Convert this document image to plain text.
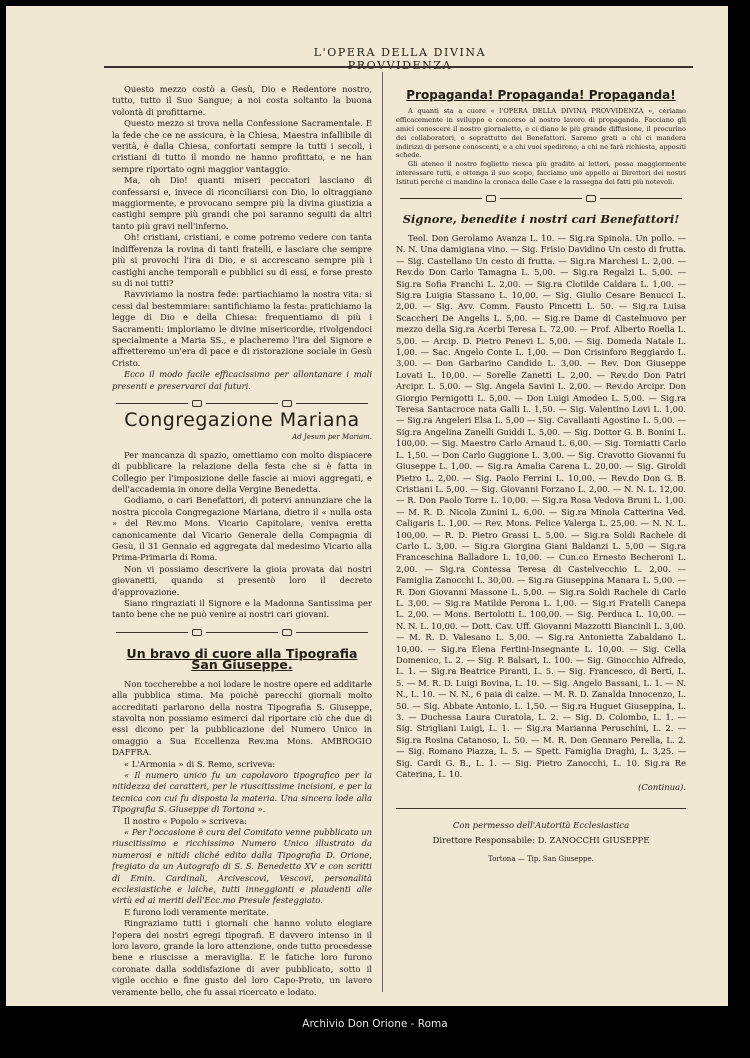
L'OPERA DELLA DIVINA PROVVIDENZA

Questo mezzo costò a Gesù, Dio e Redentore nostro, tutto, tutto il Suo Sangue; a noi costa soltanto la buona volontà di profittarne.

Questo mezzo si trova nella Confessione Sacramentale. E la fede che ce ne assicura, è la Chiesa, Maestra infallibile di verità, è dalla Chiesa, confortati sempre la tutti i secoli, i cristiani di tutto il mondo ne hanno profittato, e ne han sempre riportato ogni maggior vantaggio.

Ma, oh Dio! quanti miseri peccatori lasciano di confessarsi e, invece di riconciliarsi con Dio, lo oltraggiano maggiormente, e provocano sempre più la divina giustizia a castighi sempre più grandi che poi saranno seguiti da altri tanto più gravi nell'inferno.

Oh! cristiani, cristiani, e come potremo vedere con tanta indifferenza la rovina di tanti fratelli, e lasciare che sempre più si provochi l'ira di Dio, e si accrescano sempre più i castighi anche temporali e pubblici su di essi, e forse presto su di noi tutti?

Ravviviamo la nostra fede: partiachiamo la nostra vita: si cessi dal bestemmiare: santifichiamo la festa: pratichiamo la legge di Dio e della Chiesa: frequentiamo di più i Sacramenti: imploriamo le divine misericordie, rivolgendoci specialmente a Maria SS., e placheremo l'ira del Signore e affretteremo un'era di pace e di ristorazione sociale in Gesù Cristo.

Ecco il modo facile efficacissimo per allontanare i mali presenti e preservarci dai futuri.

Congregazione Mariana
Ad Jesum per Mariam.

Per mancanza di spazio, omettiamo con molto dispiacere di pubblicare la relazione della festa che si è fatta in Collegio per l'imposizione delle fascie ai nuovi aggregati, e dell'accademia in onore della Vergine Benedetta.

Godiamo, o cari Benefattori, di potervi annunziare che la nostra piccola Congregazione Mariana, dietro il « nulla osta » del Rev.mo Mons. Vicario Capitolare, veniva eretta canonicamente dal Vicario Generale della Compagnia di Gesù, il 31 Gennaio ed aggregata dal medesimo Vicario alla Prima-Primaria di Roma.

Non vi possiamo descrivere la gioia provata dai nostri giovanetti, quando si presentò loro il decreto d'approvazione.

Siano ringraziati il Signore e la Madonna Santissima per tanto bene che ne può venire ai nostri cari giovani.

Un bravo di cuore alla Tipografia San Giuseppe.

Non toccherebbe a noi lodare le nostre opere ed additarle alla pubblica stima. Ma poichè parecchi giornali molto accreditati parlarono della nostra Tipografia S. Giuseppe, stavolta non possiamo esimerci dal riportare ciò che due di essi dicono per la pubblicazione del Numero Unico in omaggio a Sua Eccellenza Rev.ma Mons. AMBROGIO DAFFRA.

« L'Armonia » di S. Remo, scriveva:

« Il numero unico fu un capolavoro tipografico per la nitidezza dei caratteri, per le riuscitissime incisioni, e per la tecnica con cui fu disposta la materia. Una sincera lode alla Tipografia S. Giuseppe di Tortona ».

Il nostro « Popolo » scriveva:

« Per l'occasione è cura del Comitato venne pubblicato un riuscitissimo e ricchissimo Numero Unico illustrato da numerosi e nitidi cliché edito dalla Tipografia D. Orione, fregiato da un Autografo di S. S. Benedetto XV e con scritti di Emin. Cardinali, Arcivescovi, Vescovi, personalità ecclesiastiche e laiche, tutti inneggianti e plaudenti alle virtù ed ai meriti dell'Ecc.mo Presule festeggiato.

E furono lodi veramente meritate.

Ringraziamo tutti i giornali che hanno voluto elogiare l'opera dei nostri egregi tipografi. E davvero intenso in il loro lavoro, grande la loro attenzione, onde tutto procedesse bene e riuscisse a meraviglia. E le fatiche loro furono coronate dalla soddisfazione di aver pubblicato, sotto il vigile occhio e fine gusto del loro Capo-Proto, un lavoro veramente bello, che fu assai ricercato e lodato.

Propaganda! Propaganda! Propaganda!

A quanti sta a cuore « l'OPERA DELLA DIVINA PROVVIDENZA », ceriamo efficacemente in sviluppo e concorso al nostro lavoro di propaganda. Facciano gli amici conoscere il nostro giornaletto, e ci diano le più grande diffusione, il procurino dei collaboratori, e soprattutto dei Benefattori. Saremo grati a chi ci mandera indirizzi di persone conoscenti, e a chi vuoi spedirono, a chi ne farà richiesta, appositi schede.

Gli ateneo il nostro foglietto riesca più gradito ai lettori, possa maggiormente interessare tutti, e ottenga il suo scopo, facciamo uno appello ai Direttori dei nostri Istituti perchè ci mandino la cronaca delle Case e la rassegna dei fatti più notevoli.

Signore, benedite i nostri cari Benefattori!

Teol. Don Gerolamo Avanza L. 10. — Sig.ra Spinola. Un pollo. — N. N. Una damigiana vino. — Sig. Frisio Davidino Un cesto di frutta. — Sig. Castellano Un cesto di frutta. — Sig.ra Marchesi L. 2,00. — Rev.do Don Carlo Tamagna L. 5,00. — Sig.ra Regalzi L. 5,00. — Sig.ra Sofia Franchi L. 2,00. — Sig.ra Clotilde Caldara L. 1,00. — Sig.ra Luigia Stassano L. 10,00. — Sig. Giulio Cesare Benucci L. 2,00. — Sig. Avv. Comm. Fausto Pincetti L. 50. — Sig.ra Luisa Scaccheri De Angelis L. 5,00. — Sig.re Dame di Castelnuovo per mezzo della Sig.ra Acerbi Teresa L. 72,00. — Prof. Alberto Roella L. 5,00. — Arcip. D. Pietro Penevi L. 5,00. — Sig. Domeda Natale L. 1,00. — Sac. Angelo Conte L. 1,00. — Don Crisinforo Reggiardo L. 3,00. — Don Garbarino Candido L. 3,00. — Rev. Don Giuseppe Lovati L. 10,00. — Sorelle Zanetti L. 2,00. — Rev.do Don Patri Arcipr. L. 5,00. — Sig. Angela Savini L. 2,00. — Rev.do Arcipr. Don Giorgio Pernigotti L. 5,00. — Don Luigi Amodeo L. 5,00. — Sig.ra Teresa Santacroce nata Galli L. 1,50. — Sig. Valentino Lovi L. 1,00. — Sig.ra Angeleri Elsa L. 5,00 — Sig. Cavallanti Agostino L. 5,00. — Sig.ra Angelina Zanelli Guiddi L. 5,00. — Sig. Dottor G. B. Bonini L. 100,00. — Sig. Maestro Carlo Arnaud L. 6,00. — Sig. Torniatti Carlo L. 1,50. — Don Carlo Guggione L. 3,00. — Sig. Cravotto Giovanni fu Giuseppe L. 1,00. — Sig.ra Amalia Carena L. 20,00. — Sig. Giroldi Pietro L. 2,00. — Sig. Paolo Ferrini L. 10,00. — Rev.do Don G. B. Cristiani L. 5,00. — Sig. Giovanni Forzano L. 2,00. — N. N. L. 12,00. — R. Don Paolo Torre L. 10,00. — Sig.ra Rosa Vedova Bruni L. 1,00. — M. R. D. Nicola Zunini L. 6,00. — Sig.ra Minola Catterina Ved. Caligaris L. 1,00. — Rev. Mons. Felice Valerga L. 25,00. — N. N. L. 100,00. — R. D. Pietro Grassi L. 5,00. — Sig.ra Soldi Rachele di Carlo L. 3,00. — Sig.ra Giorgina Giani Baldanzi L. 5,00 — Sig.ra Franceschina Balladore L. 10,00. — Cun.co Ernesto Becheroni L. 2,00. — Sig.ra Contessa Teresa di Castelvecchio L. 2,00. — Famiglia Zanocchi L. 30,00. — Sig.ra Giuseppina Manara L. 5,00. — R. Don Giovanni Massone L. 5,00. — Sig.ra Soldi Rachele di Carlo L. 3,00. — Sig.ra Matilde Perona L. 1,00. — Sig.ri Fratelli Canepa L. 2,00. — Mons. Bertolotti L. 100,00. — Sig. Perduca L. 10,00. — N. N. L. 10,00. — Dott. Cav. Uff. Giovanni Mazzotti Biancinli L. 3,00. — M. R. D. Valesano L. 5,00. — Sig.ra Antonietta Zabaldano L. 10,00. — Sig.ra Elena Fertini-Insegnante L. 10,00. — Sig. Cella Domenico, L. 2. — Sig. P. Balsari, L. 100. — Sig. Ginocchio Alfredo, L. 1. — Sig.ra Beatrice Piranti, L. 5. — Sig. Francesco, di Berti, L. 5. — M. R. D. Luigi Bovina, L. 10. — Sig. Angelo Bassani, L. 1. — N. N., L. 10. — N. N., 6 paia di calze. — M. R. D. Zanalda Innocenzo, L. 50. — Sig. Abbate Antonio, L. 1,50. — Sig.ra Huguet Giuseppina, L. 3. — Duchessa Laura Curatola, L. 2. — Sig. D. Colombo, L. 1. — Sig. Strigliani Luigi, L. 1. — Sig.ra Marianna Peruschini, L. 2. — Sig.ra Rosina Catanoso, L. 50. — M. R. Don Gennaro Perella, L. 2. — Sig. Romano Piazza, L. 5. — Spett. Famiglia Draghi, L. 3,25. — Sig. Cardi G. B., L. 1. — Sig. Pietro Zanocchi, L. 10. Sig.ra Re Caterina, L. 10.

(Continua).
Con permesso dell'Autorità Ecclesiastica
Direttore Responsabile: D. ZANOCCHI GIUSEPPE
Tortona — Tip. San Giuseppe.
Archivio Don Orione - Roma
